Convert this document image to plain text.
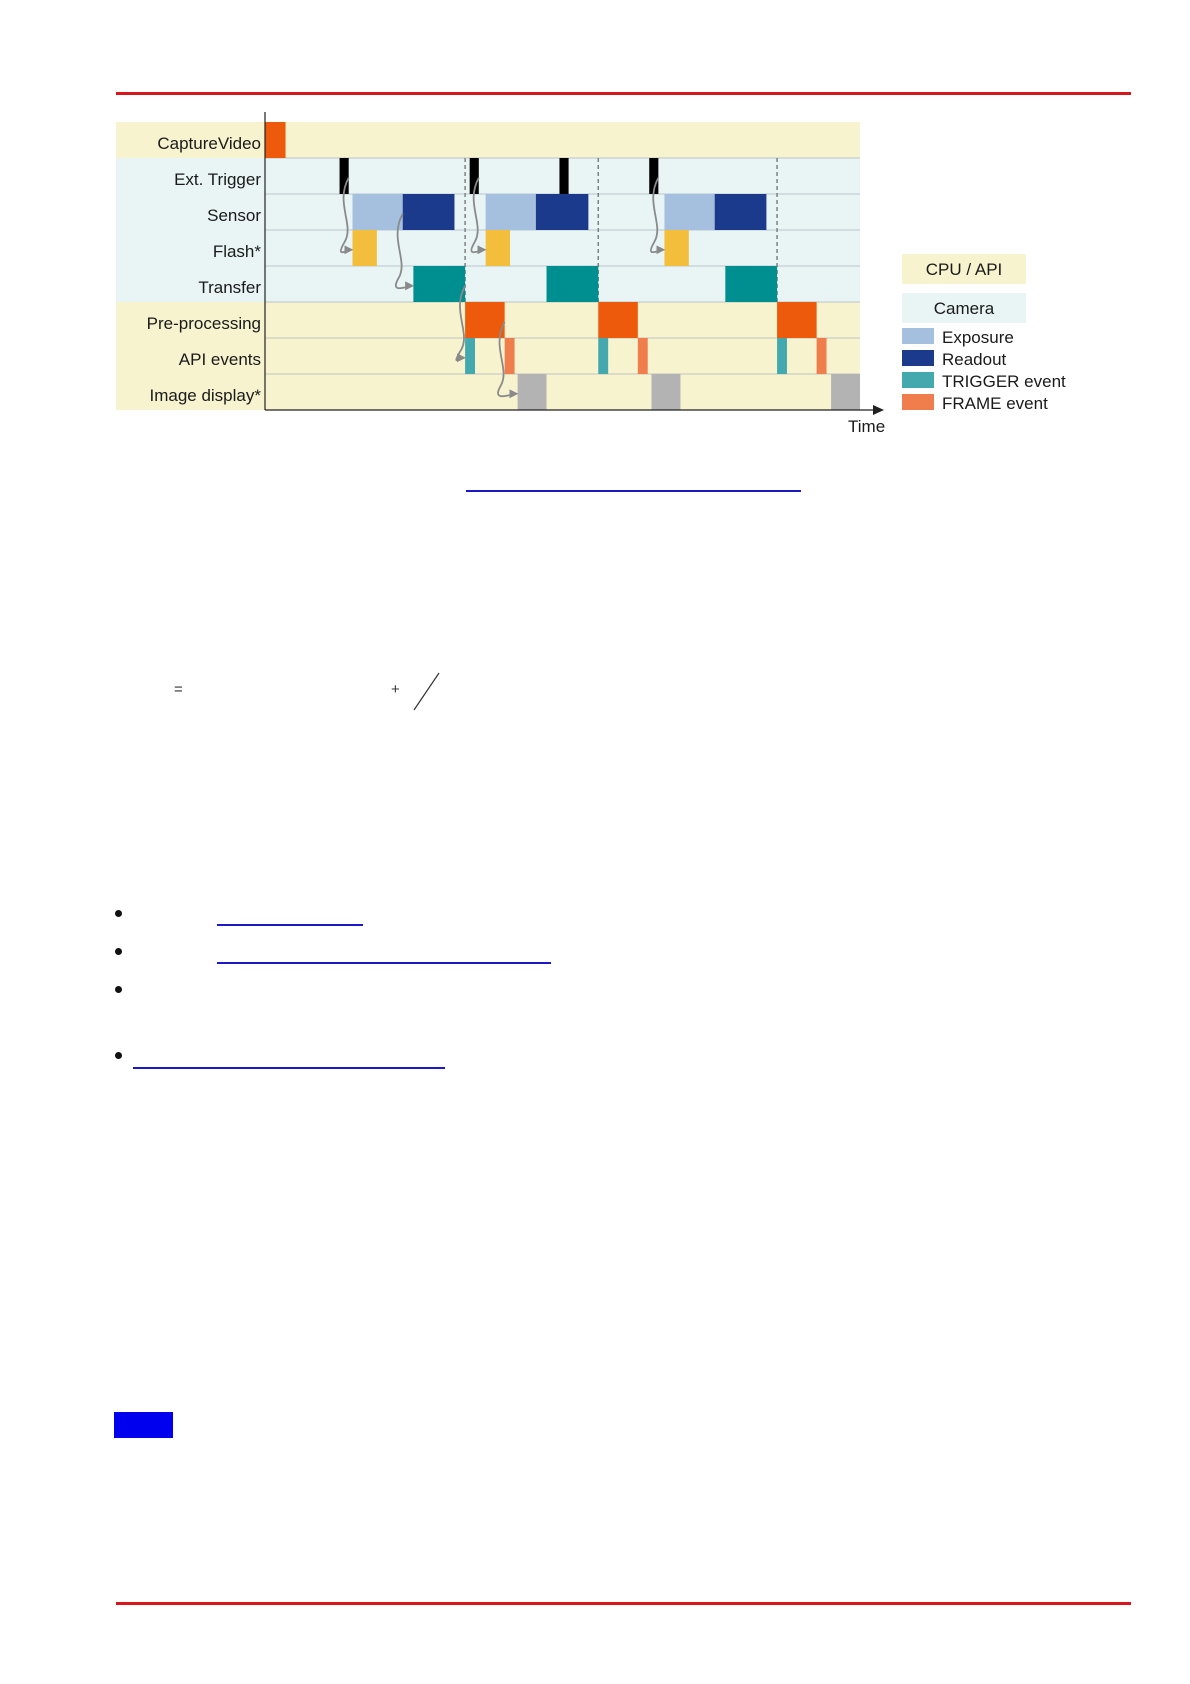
Time
CaptureVideo
Ext. Trigger
Sensor
Flash*
Transfer
Pre-processing
API events
Image display*
CPU / API
Camera
Exposure
Readout
TRIGGER event
FRAME event
=	+
